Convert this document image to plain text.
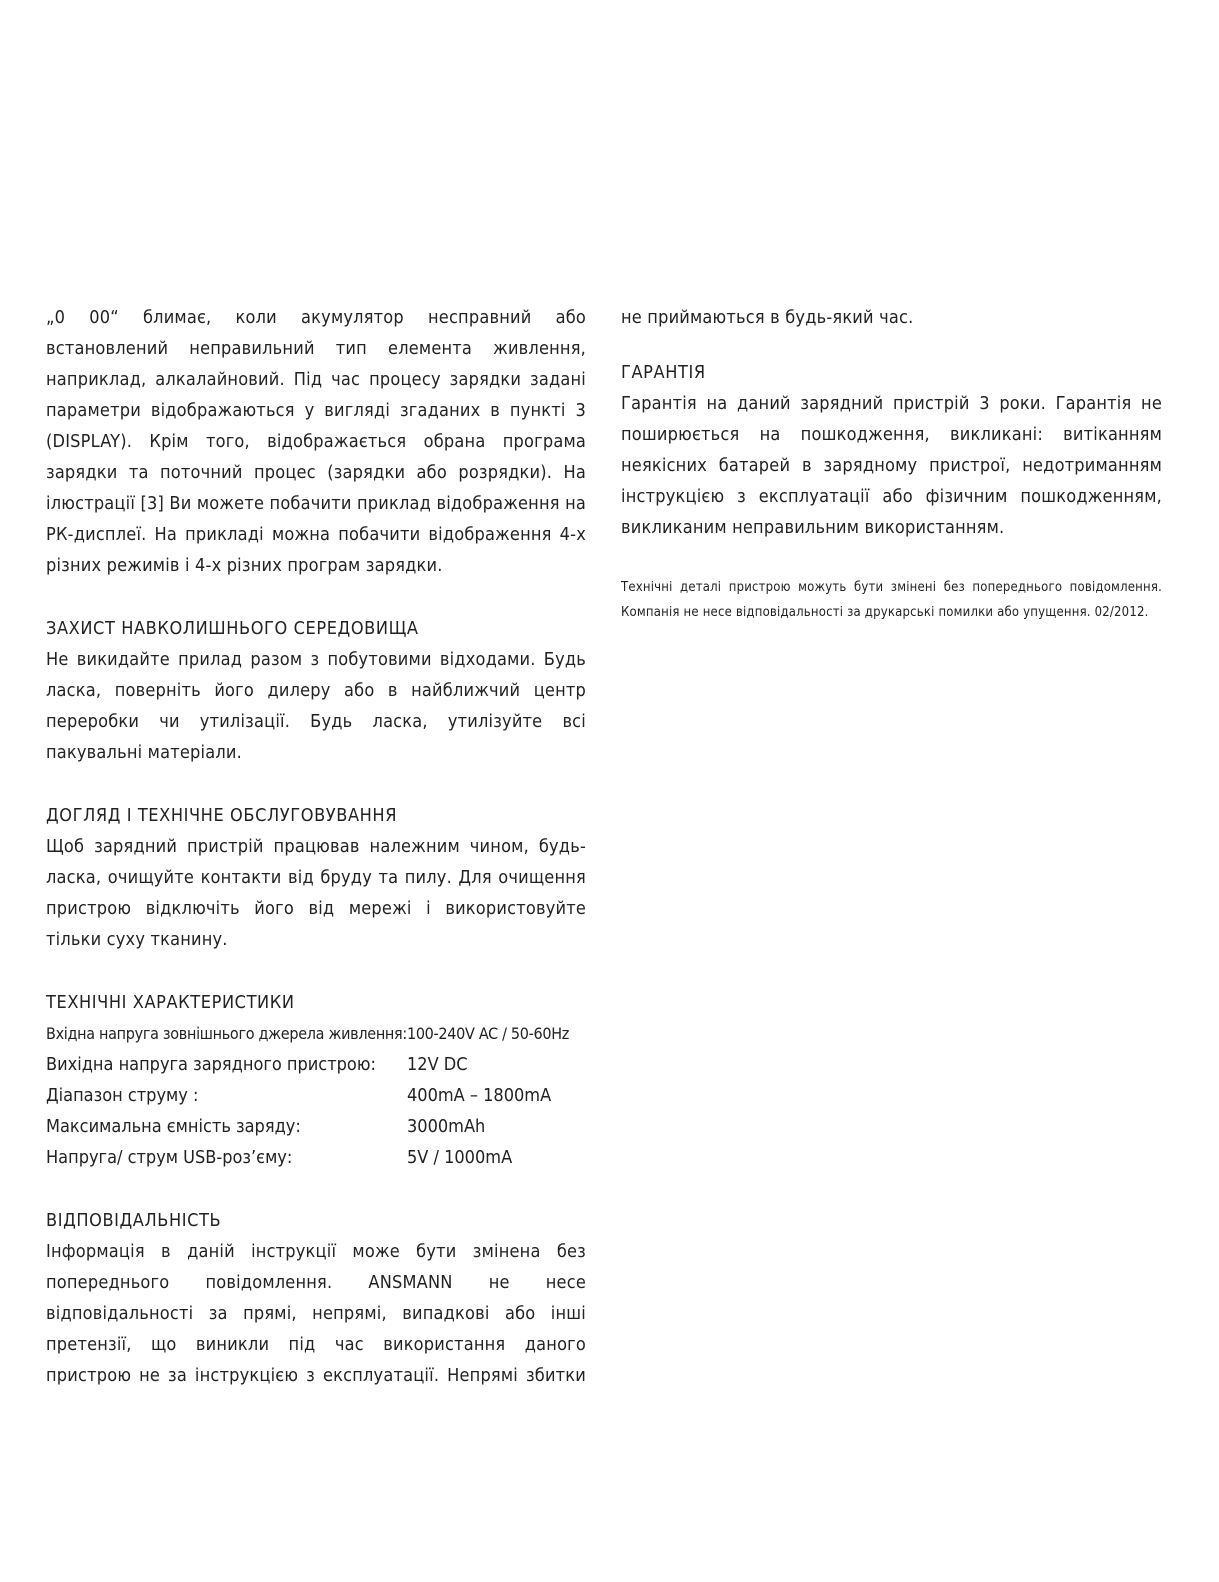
„0 00“ блимає, коли акумулятор несправний або встановлений неправильний тип елемента живлення, наприклад, алкалайновий. Під час процесу зарядки задані параметри відображаються у вигляді згаданих в пункті 3 (DISPLAY). Крім того, відображається обрана програма зарядки та поточний процес (зарядки або розрядки). На ілюстрації [3] Ви можете побачити приклад відображення на РК-дисплеї. На прикладі можна побачити відображення 4-х різних режимів і 4-х різних програм зарядки.

ЗАХИСТ НАВКОЛИШНЬОГО СЕРЕДОВИЩА

Не викидайте прилад разом з побутовими відходами. Будь ласка, поверніть його дилеру або в найближчий центр переробки чи утилізації. Будь ласка, утилізуйте всі пакувальні матеріали.

ДОГЛЯД І ТЕХНІЧНЕ ОБСЛУГОВУВАННЯ

Щоб зарядний пристрій працював належним чином, будь-ласка, очищуйте контакти від бруду та пилу. Для очищення пристрою відключіть його від мережі і використовуйте тільки суху тканину.

ТЕХНІЧНІ ХАРАКТЕРИСТИКИ
Вхідна напруга зовнішнього джерела живлення:	100-240V AC / 50-60Hz
Вихідна напруга зарядного пристрою:	12V DC
Діапазон струму :	400mA – 1800mA
Максимальна ємність заряду:	3000mAh
Напруга/ струм USB-роз’єму:	5V / 1000mA
ВІДПОВІДАЛЬНІСТЬ

Інформація в даній інструкції може бути змінена без попереднього повідомлення. ANSMANN не несе відповідальності за прямі, непрямі, випадкові або інші претензії, що виникли під час використання даного пристрою не за інструкцією з експлуатації. Непрямі збитки

не приймаються в будь-який час.

ГАРАНТІЯ

Гарантія на даний зарядний пристрій 3 роки. Гарантія не поширюється на пошкодження, викликані: витіканням неякісних батарей в зарядному пристрої, недотриманням інструкцією з експлуатації або фізичним пошкодженням, викликаним неправильним використанням.

Технічні деталі пристрою можуть бути змінені без попереднього повідомлення. Компанія не несе відповідальності за друкарські помилки або упущення. 02/2012.
